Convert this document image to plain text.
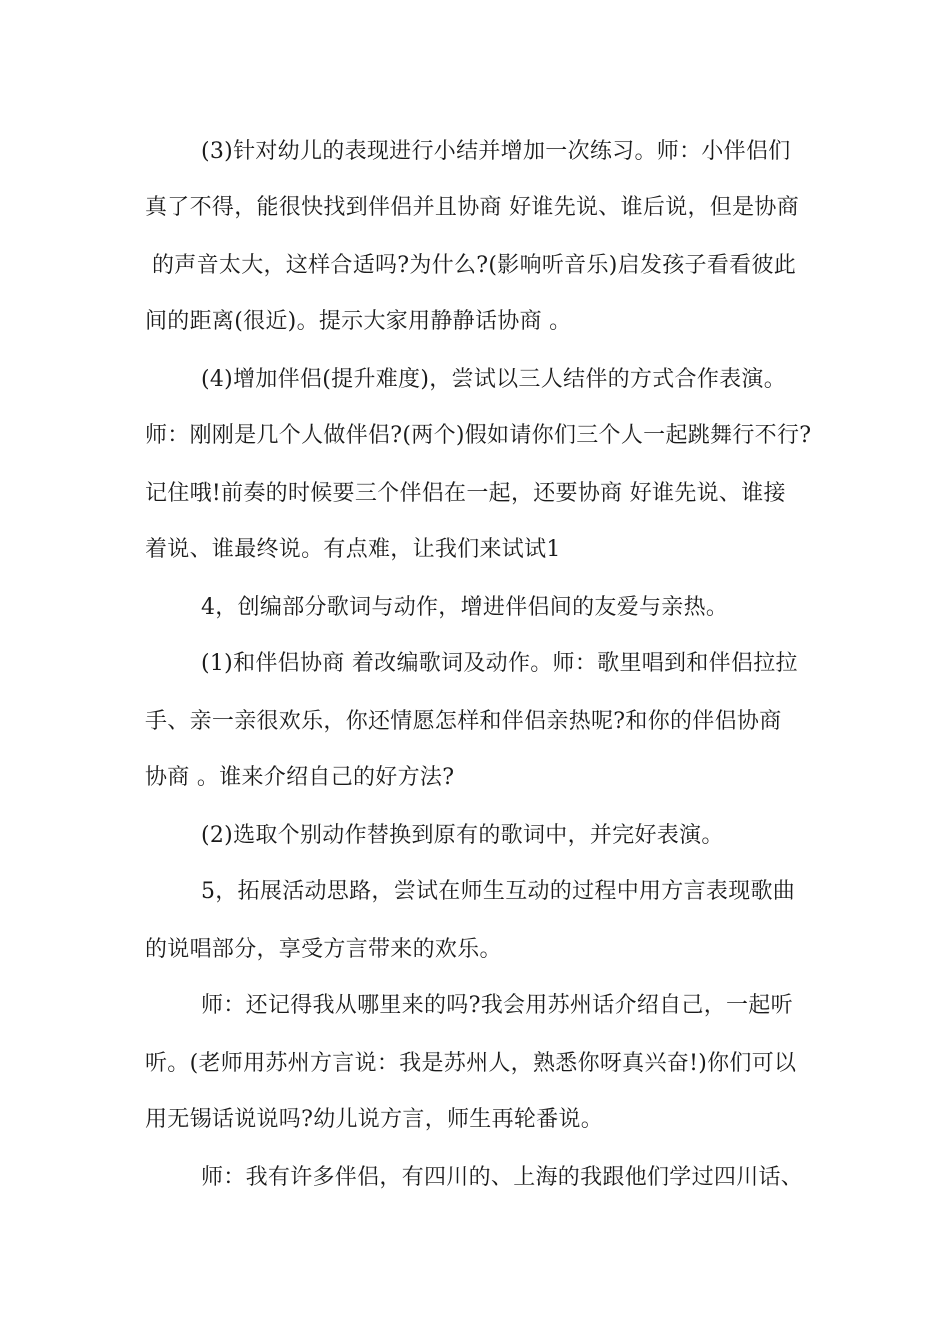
(3)针对幼儿的表现进行小结并增加一次练习。师：小伴侣们
真了不得，能很快找到伴侣并且协商 好谁先说、谁后说，但是协商
的声音太大，这样合适吗?为什么?(影响听音乐)启发孩子看看彼此
间的距离(很近)。提示大家用静静话协商 。
(4)增加伴侣(提升难度)，尝试以三人结伴的方式合作表演。
师：刚刚是几个人做伴侣?(两个)假如请你们三个人一起跳舞行不行?
记住哦!前奏的时候要三个伴侣在一起，还要协商 好谁先说、谁接
着说、谁最终说。有点难，让我们来试试1
4，创编部分歌词与动作，增进伴侣间的友爱与亲热。
(1)和伴侣协商 着改编歌词及动作。师：歌里唱到和伴侣拉拉
手、亲一亲很欢乐，你还情愿怎样和伴侣亲热呢?和你的伴侣协商
协商 。谁来介绍自己的好方法?
(2)选取个别动作替换到原有的歌词中，并完好表演。
5，拓展活动思路，尝试在师生互动的过程中用方言表现歌曲
的说唱部分，享受方言带来的欢乐。
师：还记得我从哪里来的吗?我会用苏州话介绍自己，一起听
听。(老师用苏州方言说：我是苏州人，熟悉你呀真兴奋!)你们可以
用无锡话说说吗?幼儿说方言，师生再轮番说。
师：我有许多伴侣，有四川的、上海的我跟他们学过四川话、
